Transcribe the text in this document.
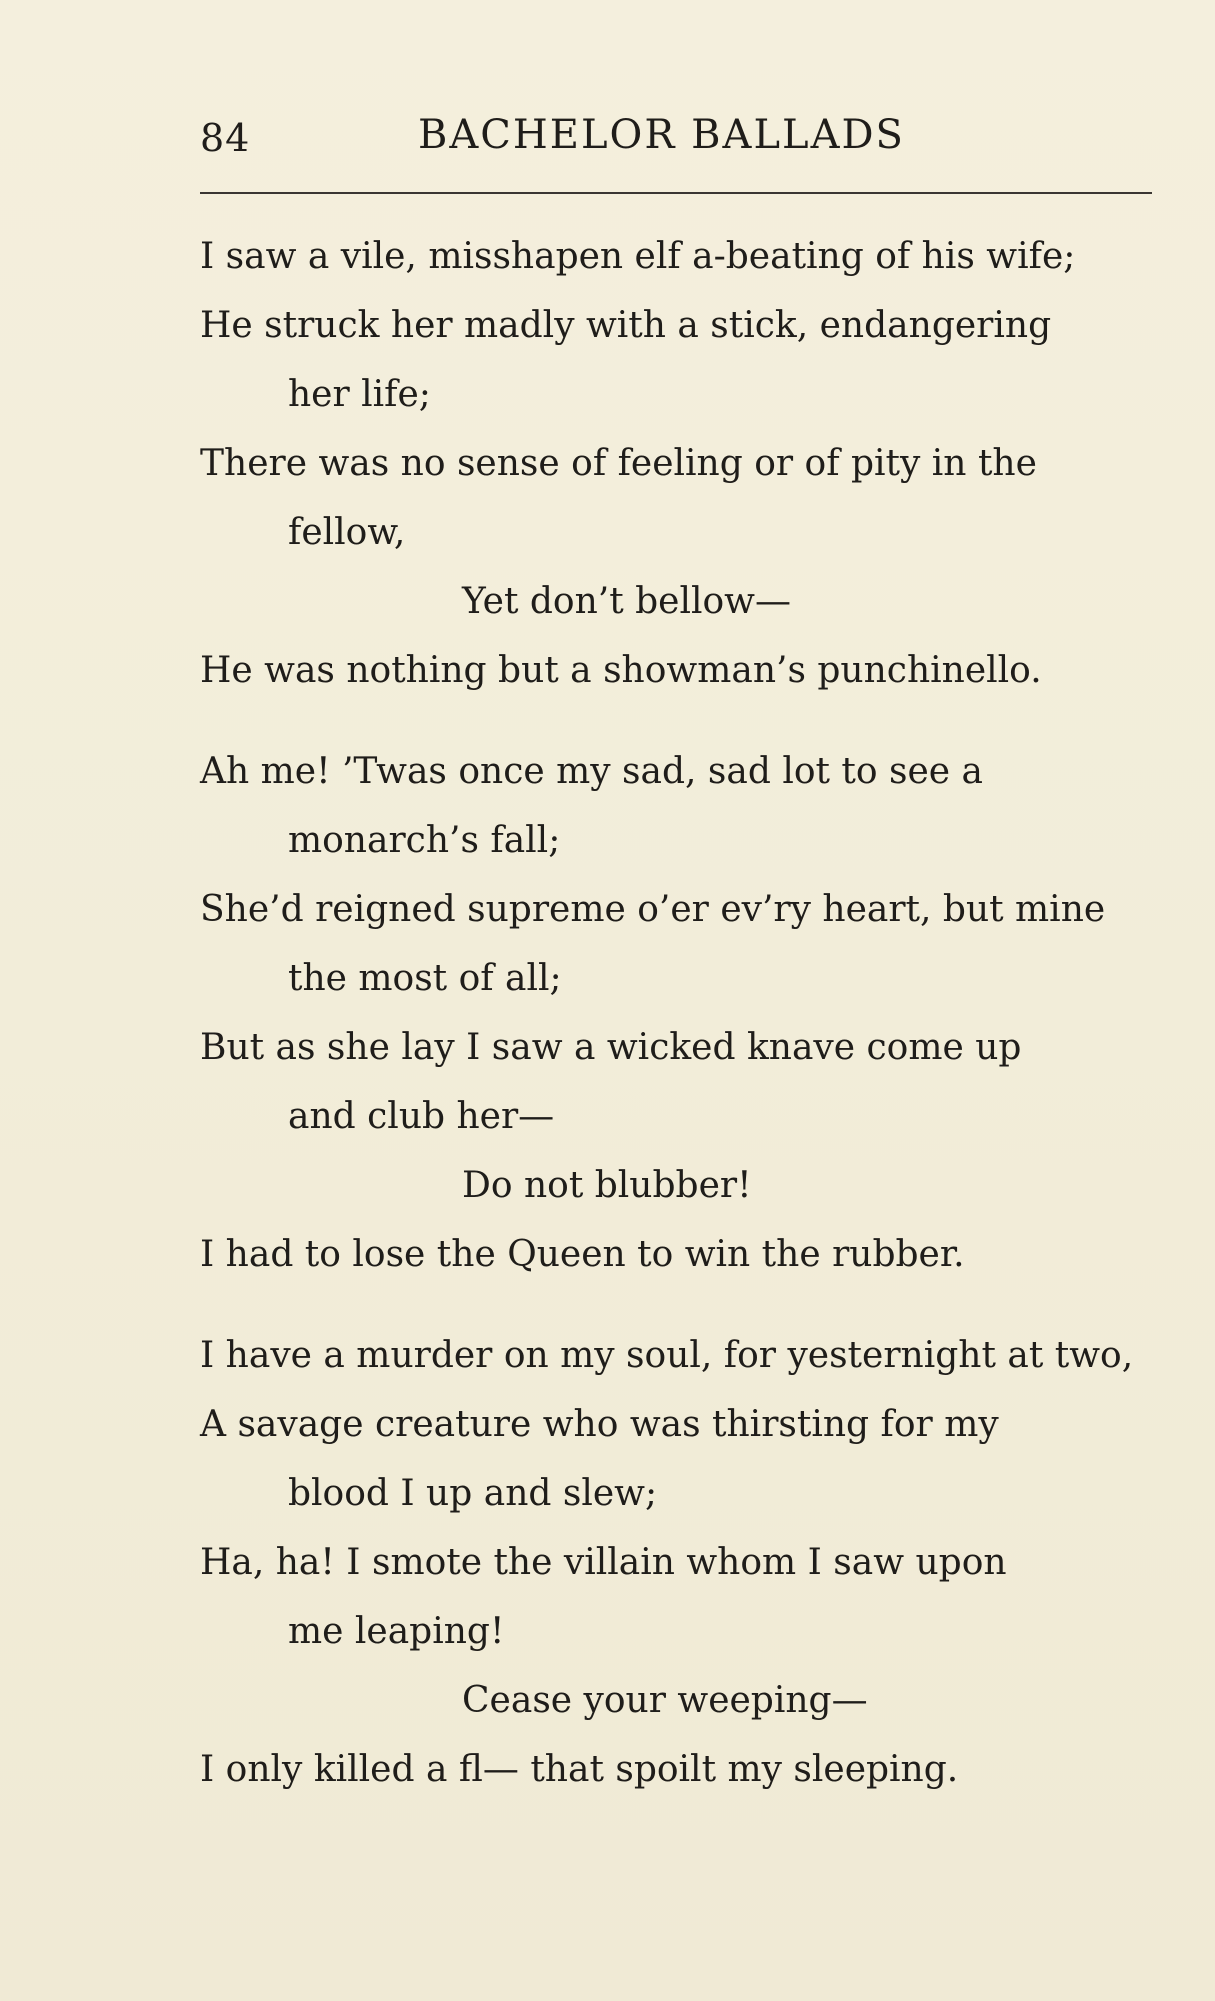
84	BACHELOR BALLADS
I saw a vile, misshapen elf a-beating of his wife;
He struck her madly with a stick, endangering
her life;
There was no sense of feeling or of pity in the
fellow,
Yet don’t bellow—
He was nothing but a showman’s punchinello.
Ah me! ’Twas once my sad, sad lot to see a
monarch’s fall;
She’d reigned supreme o’er ev’ry heart, but mine
the most of all;
But as she lay I saw a wicked knave come up
and club her—
Do not blubber!
I had to lose the Queen to win the rubber.
I have a murder on my soul, for yesternight at two,
A savage creature who was thirsting for my
blood I up and slew;
Ha, ha! I smote the villain whom I saw upon
me leaping!
Cease your weeping—
I only killed a fl— that spoilt my sleeping.
